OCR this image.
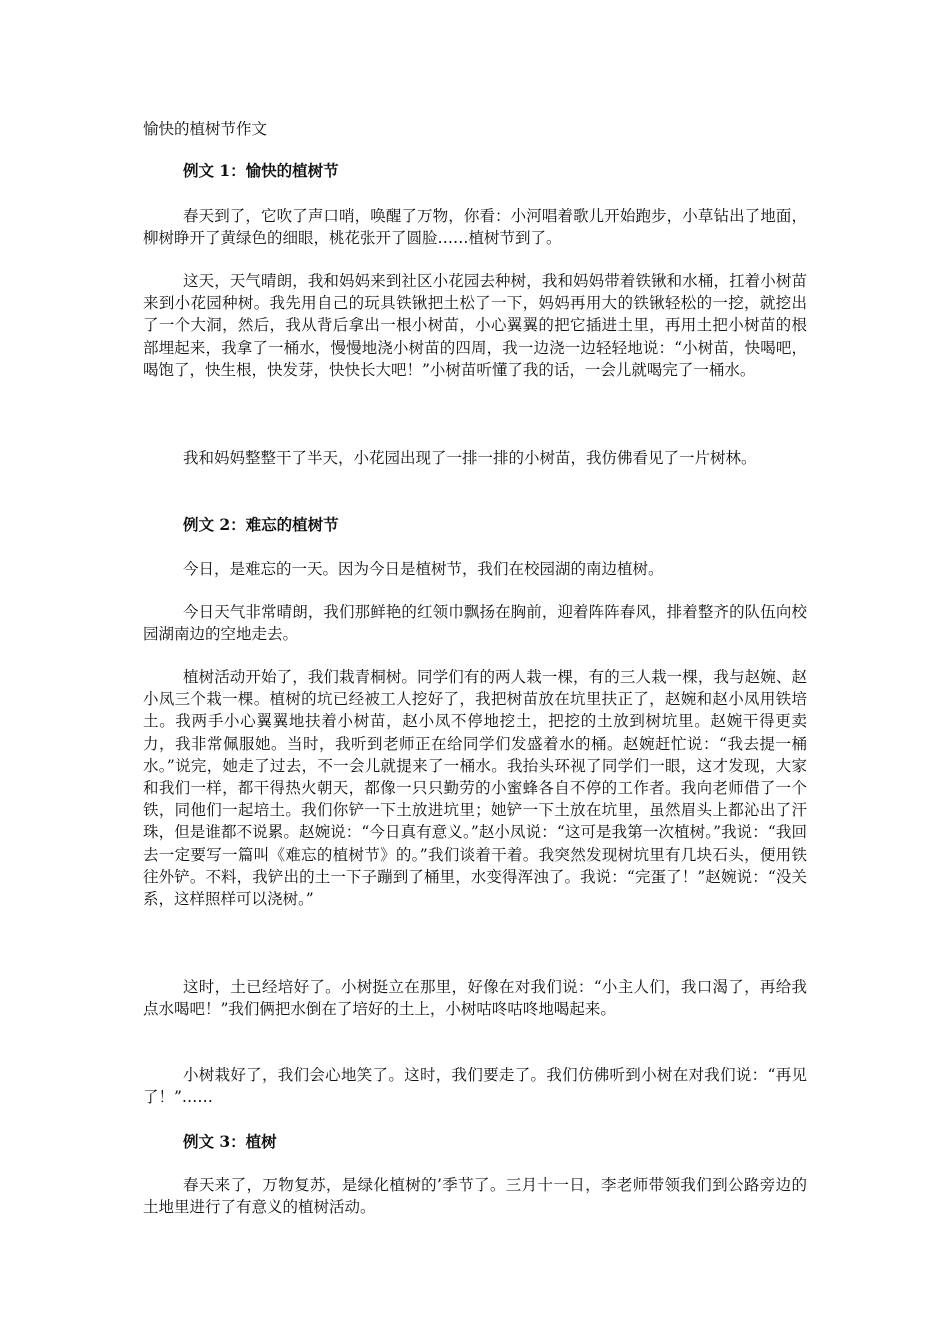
愉快的植树节作文

例文 1：愉快的植树节

春天到了，它吹了声口哨，唤醒了万物，你看：小河唱着歌儿开始跑步，小草钻出了地面，柳树睁开了黄绿色的细眼，桃花张开了圆脸……植树节到了。

这天，天气晴朗，我和妈妈来到社区小花园去种树，我和妈妈带着铁锹和水桶，扛着小树苗来到小花园种树。我先用自己的玩具铁锹把土松了一下，妈妈再用大的铁锹轻松的一挖，就挖出了一个大洞，然后，我从背后拿出一根小树苗，小心翼翼的把它插进土里，再用土把小树苗的根部埋起来，我拿了一桶水，慢慢地浇小树苗的四周，我一边浇一边轻轻地说：“小树苗，快喝吧，喝饱了，快生根，快发芽，快快长大吧！”小树苗听懂了我的话，一会儿就喝完了一桶水。

我和妈妈整整干了半天，小花园出现了一排一排的小树苗，我仿佛看见了一片树林。

例文 2：难忘的植树节

今日，是难忘的一天。因为今日是植树节，我们在校园湖的南边植树。

今日天气非常晴朗，我们那鲜艳的红领巾飘扬在胸前，迎着阵阵春风，排着整齐的队伍向校园湖南边的空地走去。

植树活动开始了，我们栽青桐树。同学们有的两人栽一棵，有的三人栽一棵，我与赵婉、赵小凤三个栽一棵。植树的坑已经被工人挖好了，我把树苗放在坑里扶正了，赵婉和赵小凤用铁培土。我两手小心翼翼地扶着小树苗，赵小凤不停地挖土，把挖的土放到树坑里。赵婉干得更卖力，我非常佩服她。当时，我听到老师正在给同学们发盛着水的桶。赵婉赶忙说：“我去提一桶水。”说完，她走了过去，不一会儿就提来了一桶水。我抬头环视了同学们一眼，这才发现，大家和我们一样，都干得热火朝天，都像一只只勤劳的小蜜蜂各自不停的工作者。我向老师借了一个铁，同他们一起培土。我们你铲一下土放进坑里；她铲一下土放在坑里，虽然眉头上都沁出了汗珠，但是谁都不说累。赵婉说：“今日真有意义。”赵小凤说：“这可是我第一次植树。”我说：“我回去一定要写一篇叫《难忘的植树节》的。”我们谈着干着。我突然发现树坑里有几块石头，便用铁往外铲。不料，我铲出的土一下子蹦到了桶里，水变得浑浊了。我说：“完蛋了！”赵婉说：“没关系，这样照样可以浇树。”

这时，土已经培好了。小树挺立在那里，好像在对我们说：“小主人们，我口渴了，再给我点水喝吧！”我们俩把水倒在了培好的土上，小树咕咚咕咚地喝起来。

小树栽好了，我们会心地笑了。这时，我们要走了。我们仿佛听到小树在对我们说：“再见了！”……

例文 3：植树

春天来了，万物复苏，是绿化植树的’季节了。三月十一日，李老师带领我们到公路旁边的土地里进行了有意义的植树活动。
